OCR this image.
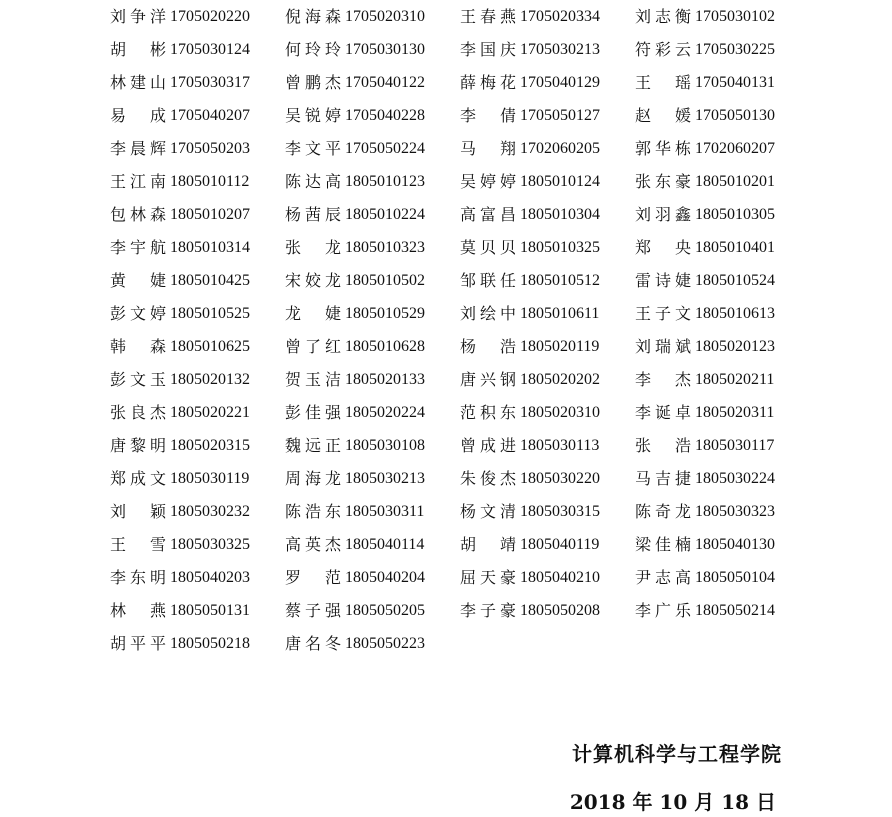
刘争洋 1705020220 倪海森 1705020310 王春燕 1705020334 刘志衡 1705030102
胡　彬 1705030124 何玲玲 1705030130 李国庆 1705030213 符彩云 1705030225
林建山 1705030317 曾鹏杰 1705040122 薛梅花 1705040129 王　瑶 1705040131
易　成 1705040207 吴锐婷 1705040228 李　倩 1705050127 赵　媛 1705050130
李晨辉 1705050203 李文平 1705050224 马　翔 1702060205 郭华栋 1702060207
王江南 1805010112 陈达高 1805010123 吴婷婷 1805010124 张东豪 1805010201
包林森 1805010207 杨茜辰 1805010224 高富昌 1805010304 刘羽鑫 1805010305
李宇航 1805010314 张　龙 1805010323 莫贝贝 1805010325 郑　央 1805010401
黄　婕 1805010425 宋姣龙 1805010502 邹联任 1805010512 雷诗婕 1805010524
彭文婷 1805010525 龙　婕 1805010529 刘绘中 1805010611 王子文 1805010613
韩　森 1805010625 曾了红 1805010628 杨　浩 1805020119 刘瑞斌 1805020123
彭文玉 1805020132 贺玉洁 1805020133 唐兴钢 1805020202 李　杰 1805020211
张良杰 1805020221 彭佳强 1805020224 范积东 1805020310 李诞卓 1805020311
唐黎明 1805020315 魏远正 1805030108 曾成进 1805030113 张　浩 1805030117
郑成文 1805030119 周海龙 1805030213 朱俊杰 1805030220 马吉捷 1805030224
刘　颖 1805030232 陈浩东 1805030311 杨文清 1805030315 陈奇龙 1805030323
王　雪 1805030325 高英杰 1805040114 胡　靖 1805040119 梁佳楠 1805040130
李东明 1805040203 罗　范 1805040204 屈天豪 1805040210 尹志高 1805050104
林　燕 1805050131 蔡子强 1805050205 李子豪 1805050208 李广乐 1805050214
胡平平 1805050218 唐名冬 1805050223
计算机科学与工程学院
2018 年 10 月 18 日
